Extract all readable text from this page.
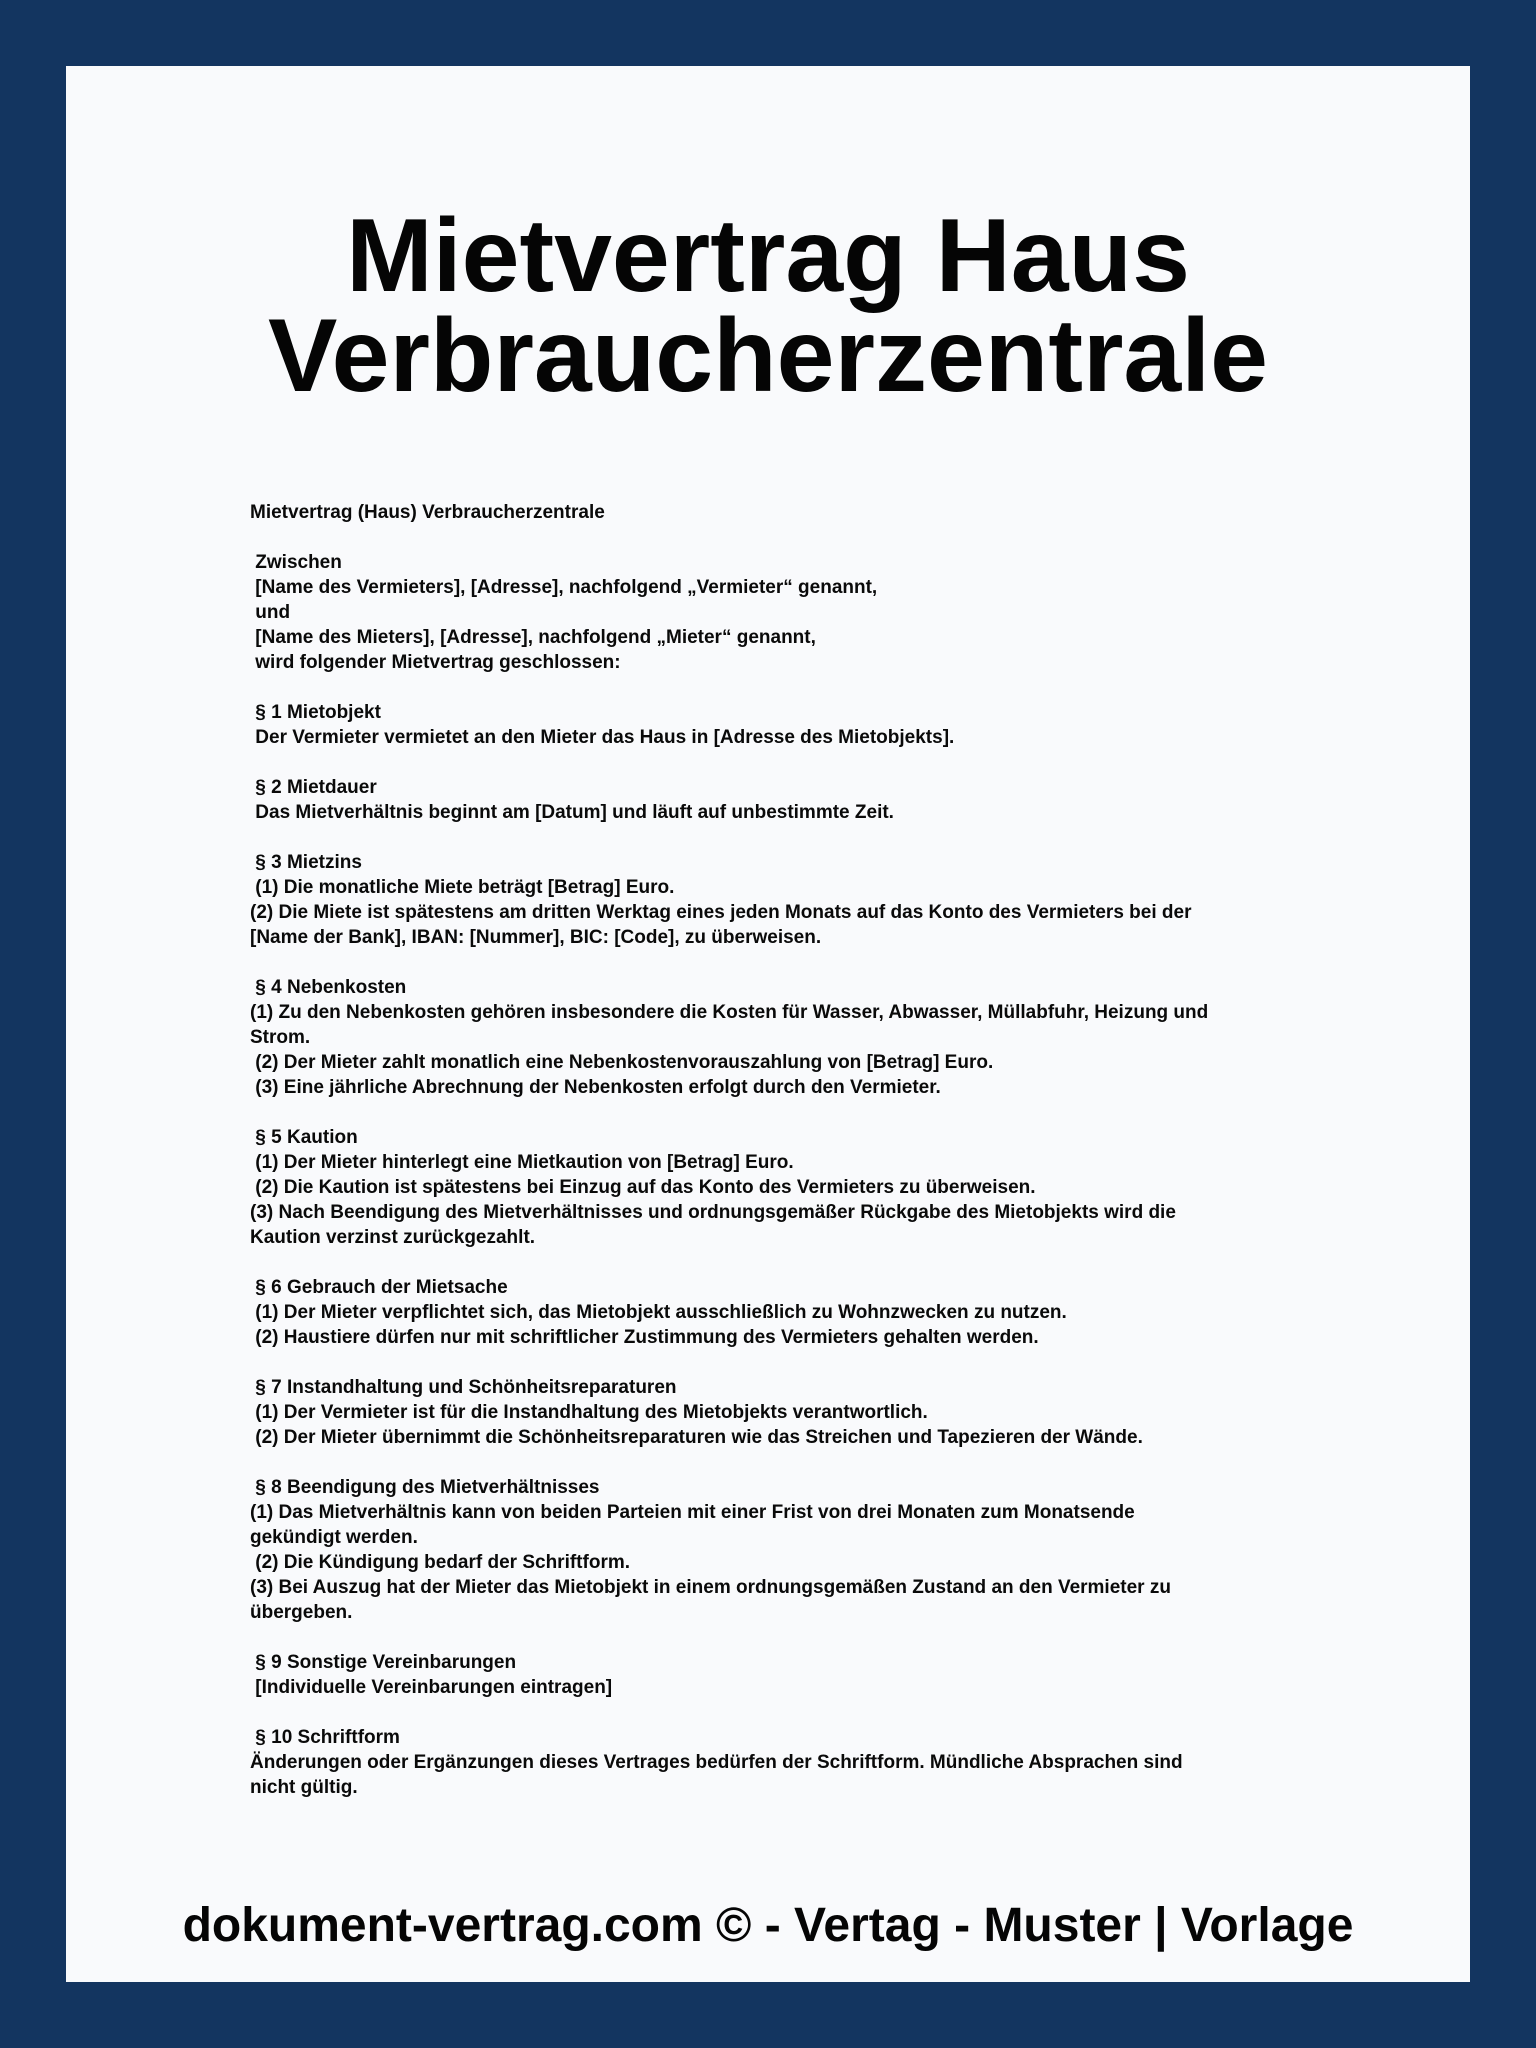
Mietvertrag Haus
Verbraucherzentrale
Mietvertrag (Haus) Verbraucherzentrale
Zwischen
[Name des Vermieters], [Adresse], nachfolgend „Vermieter“ genannt,
und
[Name des Mieters], [Adresse], nachfolgend „Mieter“ genannt,
wird folgender Mietvertrag geschlossen:
§ 1 Mietobjekt
Der Vermieter vermietet an den Mieter das Haus in [Adresse des Mietobjekts].
§ 2 Mietdauer
Das Mietverhältnis beginnt am [Datum] und läuft auf unbestimmte Zeit.
§ 3 Mietzins
(1) Die monatliche Miete beträgt [Betrag] Euro.
(2) Die Miete ist spätestens am dritten Werktag eines jeden Monats auf das Konto des Vermieters bei der
[Name der Bank], IBAN: [Nummer], BIC: [Code], zu überweisen.
§ 4 Nebenkosten
(1) Zu den Nebenkosten gehören insbesondere die Kosten für Wasser, Abwasser, Müllabfuhr, Heizung und
Strom.
(2) Der Mieter zahlt monatlich eine Nebenkostenvorauszahlung von [Betrag] Euro.
(3) Eine jährliche Abrechnung der Nebenkosten erfolgt durch den Vermieter.
§ 5 Kaution
(1) Der Mieter hinterlegt eine Mietkaution von [Betrag] Euro.
(2) Die Kaution ist spätestens bei Einzug auf das Konto des Vermieters zu überweisen.
(3) Nach Beendigung des Mietverhältnisses und ordnungsgemäßer Rückgabe des Mietobjekts wird die
Kaution verzinst zurückgezahlt.
§ 6 Gebrauch der Mietsache
(1) Der Mieter verpflichtet sich, das Mietobjekt ausschließlich zu Wohnzwecken zu nutzen.
(2) Haustiere dürfen nur mit schriftlicher Zustimmung des Vermieters gehalten werden.
§ 7 Instandhaltung und Schönheitsreparaturen
(1) Der Vermieter ist für die Instandhaltung des Mietobjekts verantwortlich.
(2) Der Mieter übernimmt die Schönheitsreparaturen wie das Streichen und Tapezieren der Wände.
§ 8 Beendigung des Mietverhältnisses
(1) Das Mietverhältnis kann von beiden Parteien mit einer Frist von drei Monaten zum Monatsende
gekündigt werden.
(2) Die Kündigung bedarf der Schriftform.
(3) Bei Auszug hat der Mieter das Mietobjekt in einem ordnungsgemäßen Zustand an den Vermieter zu
übergeben.
§ 9 Sonstige Vereinbarungen
[Individuelle Vereinbarungen eintragen]
§ 10 Schriftform
Änderungen oder Ergänzungen dieses Vertrages bedürfen der Schriftform. Mündliche Absprachen sind
nicht gültig.
dokument-vertrag.com © - Vertag - Muster | Vorlage
